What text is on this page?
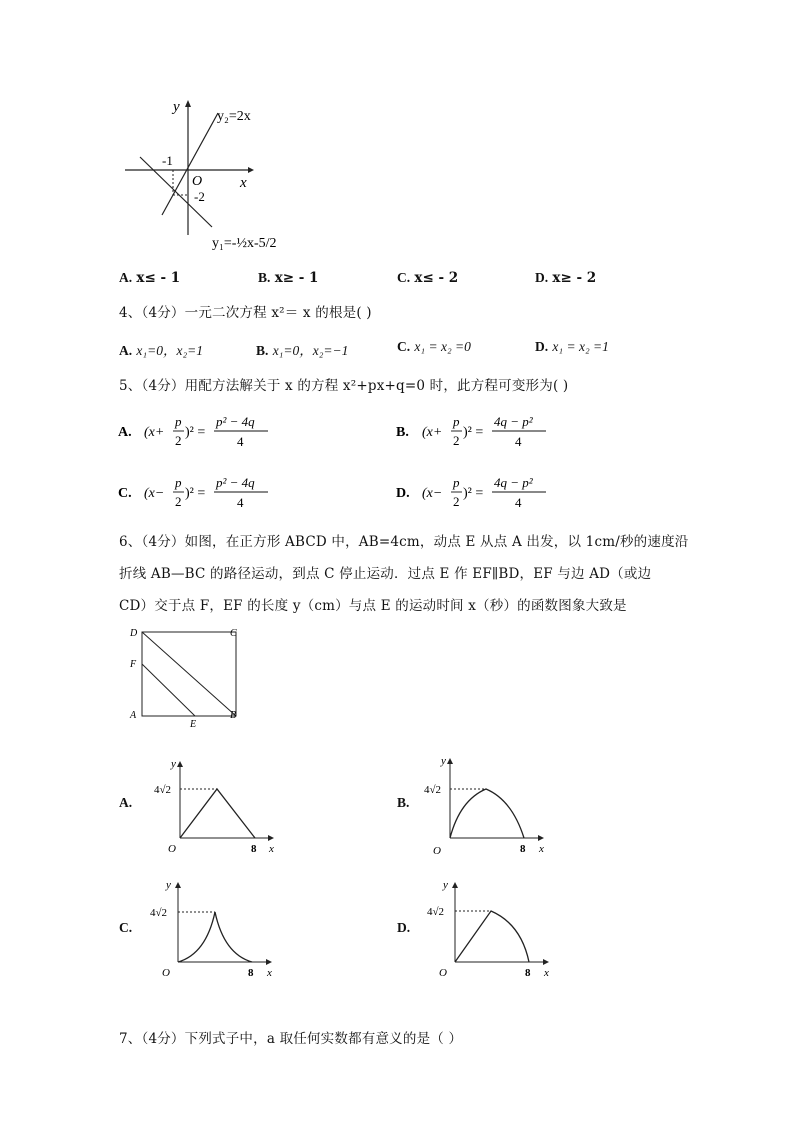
y
x
O
-1
-2
y₂=2x
y₁=-½x-5/2
A. x≤ - 1	B. x≥ - 1	C. x≤ - 2	D. x≥ - 2
4、（4分）一元二次方程 x²＝ x 的根是( )
A. x₁=0，x₂=1	B. x₁=0，x₂=−1	C. x₁ = x₂ =0	D. x₁ = x₂ =1
5、（4分）用配方法解关于 x 的方程 x²+px+q=0 时，此方程可变形为( )
A. (x+
p
2
)² =
p² − 4q
4
B. (x+
p
2
)² =
4q − p²
4
C. (x−
p
2
)² =
p² − 4q
4
D. (x−
p
2
)² =
4q − p²
4
6、（4分）如图，在正方形 ABCD 中，AB=4cm，动点 E 从点 A 出发，以 1cm/秒的速度沿
折线 AB—BC 的路径运动，到点 C 停止运动．过点 E 作 EF∥BD，EF 与边 AD（或边
CD）交于点 F，EF 的长度 y（cm）与点 E 的运动时间 x（秒）的函数图象大致是
D	C
F
A
E
B
A.
y
x
O	8
4√2
B.
y
x
O	8
4√2
C.
y
x
O	8
4√2
D.
y
x
O	8
4√2
7、（4分）下列式子中，a 取任何实数都有意义的是（ ）
